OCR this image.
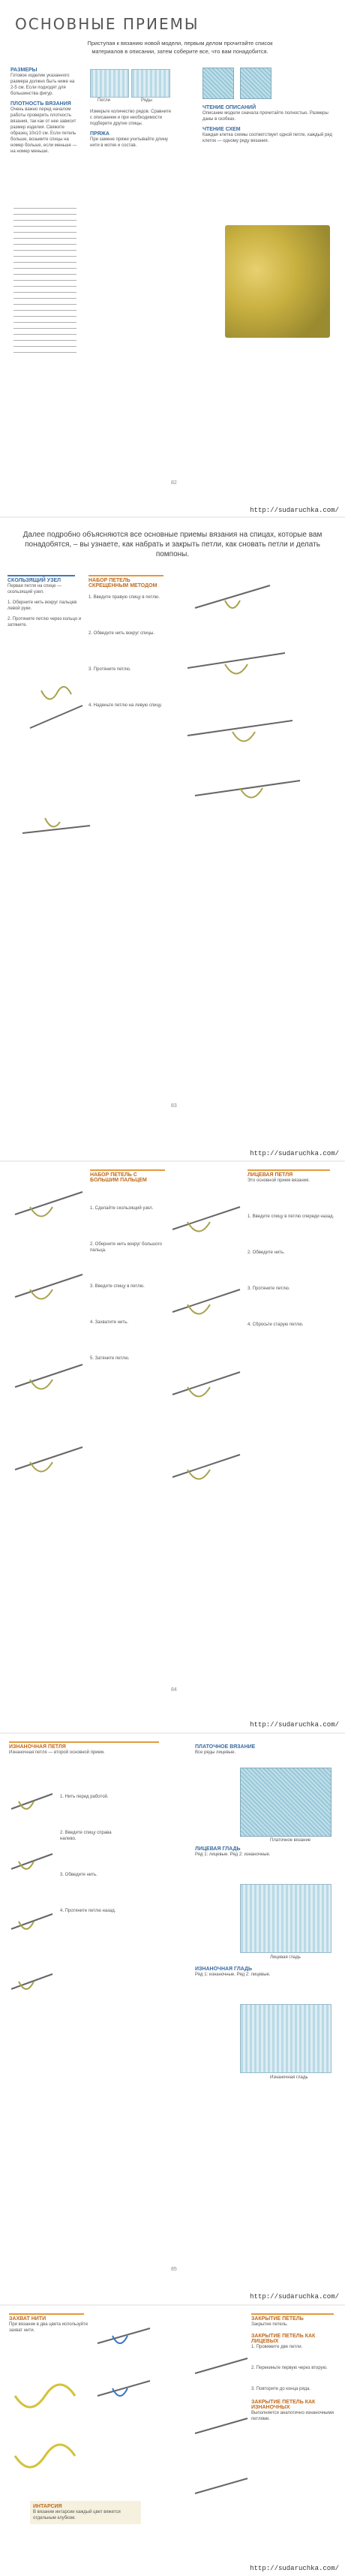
ОСНОВНЫЕ ПРИЕМЫ
Приступая к вязанию новой модели, первым делом прочитайте список материалов в описании, затем соберите все, что вам понадобится.
РАЗМЕРЫ
Готовое изделие указанного размера должно быть ниже на 2-5 см. Если подходят для большинства фигур.
ПЛОТНОСТЬ ВЯЗАНИЯ
Очень важно перед началом работы проверить плотность вязания, так как от нее зависит размер изделия. Свяжите образец 10х10 см. Если петель больше, возьмите спицы на номер больше, если меньше — на номер меньше.
Петли	Ряды
Измерьте количество рядов. Сравните с описанием и при необходимости подберите другие спицы.
ПРЯЖА
При замене пряжи учитывайте длину нити в мотке и состав.
ЧТЕНИЕ ОПИСАНИЙ
Описание модели сначала прочитайте полностью. Размеры даны в скобках.
ЧТЕНИЕ СХЕМ
Каждая клетка схемы соответствует одной петле, каждый ряд клеток — одному ряду вязания.
82
http://sudaruchka.com/
Далее подробно объясняются все основные приемы вязания на спицах, которые вам понадобятся, – вы узнаете, как набрать и закрыть петли, как сновать петли и делать помпоны.
СКОЛЬЗЯЩИЙ УЗЕЛ
Первая петля на спице — скользящий узел.
1. Оберните нить вокруг пальцев левой руки.
2. Протяните петлю через кольцо и затяните.
НАБОР ПЕТЕЛЬ СКРЕЩЕННЫМ МЕТОДОМ
1. Введите правую спицу в петлю.
2. Обведите нить вокруг спицы.
3. Протяните петлю.
4. Наденьте петлю на левую спицу.
83
http://sudaruchka.com/
НАБОР ПЕТЕЛЬ С БОЛЬШИМ ПАЛЬЦЕМ
1. Сделайте скользящий узел.
2. Оберните нить вокруг большого пальца.
3. Введите спицу в петлю.
4. Захватите нить.
5. Затяните петлю.
ЛИЦЕВАЯ ПЕТЛЯ
Это основной прием вязания.
1. Введите спицу в петлю спереди назад.
2. Обведите нить.
3. Протяните петлю.
4. Сбросьте старую петлю.
84
http://sudaruchka.com/
ИЗНАНОЧНАЯ ПЕТЛЯ
Изнаночная петля — второй основной прием.
1. Нить перед работой.
2. Введите спицу справа налево.
3. Обведите нить.
4. Протяните петлю назад.
ПЛАТОЧНОЕ ВЯЗАНИЕ
Все ряды лицевые.
Платочное вязание
ЛИЦЕВАЯ ГЛАДЬ
Ряд 1: лицевые. Ряд 2: изнаночные.
Лицевая гладь
ИЗНАНОЧНАЯ ГЛАДЬ
Ряд 1: изнаночные. Ряд 2: лицевые.
Изнаночная гладь
85
http://sudaruchka.com/
ЗАХВАТ НИТИ
При вязании в два цвета используйте захват нити.
ИНТАРСИЯ
В вязании интарсии каждый цвет вяжется отдельным клубком.
ЗАКРЫТИЕ ПЕТЕЛЬ
Закрытие петель.
ЗАКРЫТИЕ ПЕТЕЛЬ КАК ЛИЦЕВЫХ
1. Провяжите две петли.
2. Перекиньте первую через вторую.
3. Повторите до конца ряда.
ЗАКРЫТИЕ ПЕТЕЛЬ КАК ИЗНАНОЧНЫХ
Выполняется аналогично изнаночными петлями.
http://sudaruchka.com/
